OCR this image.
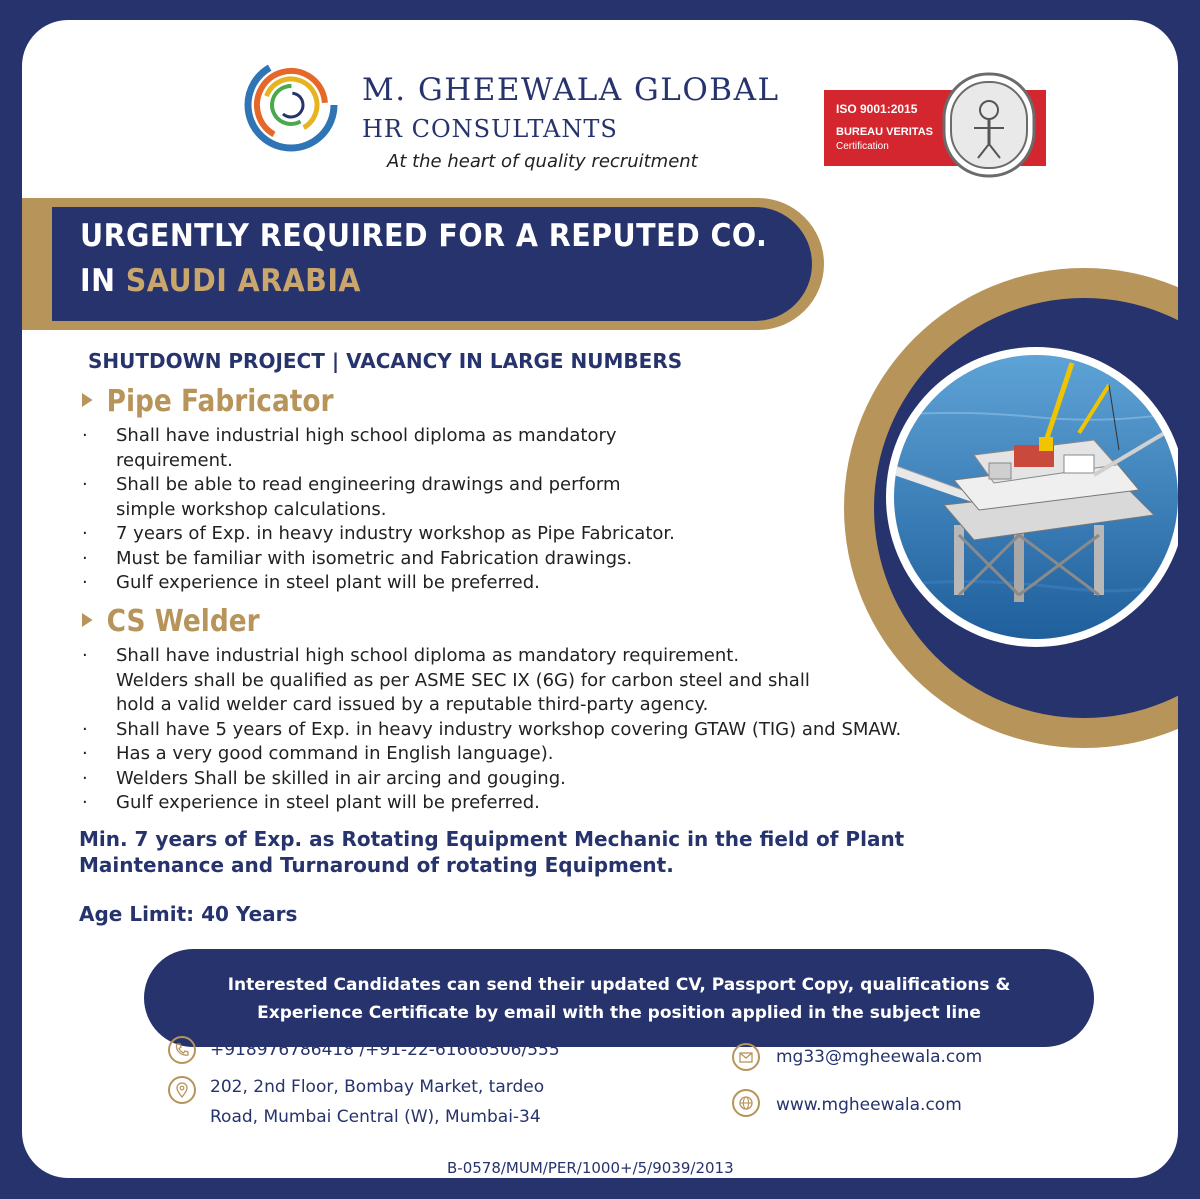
M. GHEEWALA GLOBAL
HR CONSULTANTS
At the heart of quality recruitment
ISO 9001:2015
BUREAU VERITAS
Certification
URGENTLY REQUIRED FOR A REPUTED CO.
IN SAUDI ARABIA
SHUTDOWN PROJECT | VACANCY IN LARGE NUMBERS
Pipe Fabricator
· Shall have industrial high school diploma as mandatory
requirement.
· Shall be able to read engineering drawings and perform
simple workshop calculations.
· 7 years of Exp. in heavy industry workshop as Pipe Fabricator.
· Must be familiar with isometric and Fabrication drawings.
· Gulf experience in steel plant will be preferred.
CS Welder
· Shall have industrial high school diploma as mandatory requirement.
Welders shall be qualified as per ASME SEC IX (6G) for carbon steel and shall
hold a valid welder card issued by a reputable third-party agency.
· Shall have 5 years of Exp. in heavy industry workshop covering GTAW (TIG) and SMAW.
· Has a very good command in English language).
· Welders Shall be skilled in air arcing and gouging.
· Gulf experience in steel plant will be preferred.
Min. 7 years of Exp. as Rotating Equipment Mechanic in the field of Plant Maintenance and Turnaround of rotating Equipment.
Age Limit: 40 Years
Interested Candidates can send their updated CV, Passport Copy, qualifications &
Experience Certificate by email with the position applied in the subject line
+918976786418 /+91-22-61666506/555
202, 2nd Floor, Bombay Market, tardeo
Road, Mumbai Central (W), Mumbai-34
mg33@mgheewala.com
www.mgheewala.com
B-0578/MUM/PER/1000+/5/9039/2013
